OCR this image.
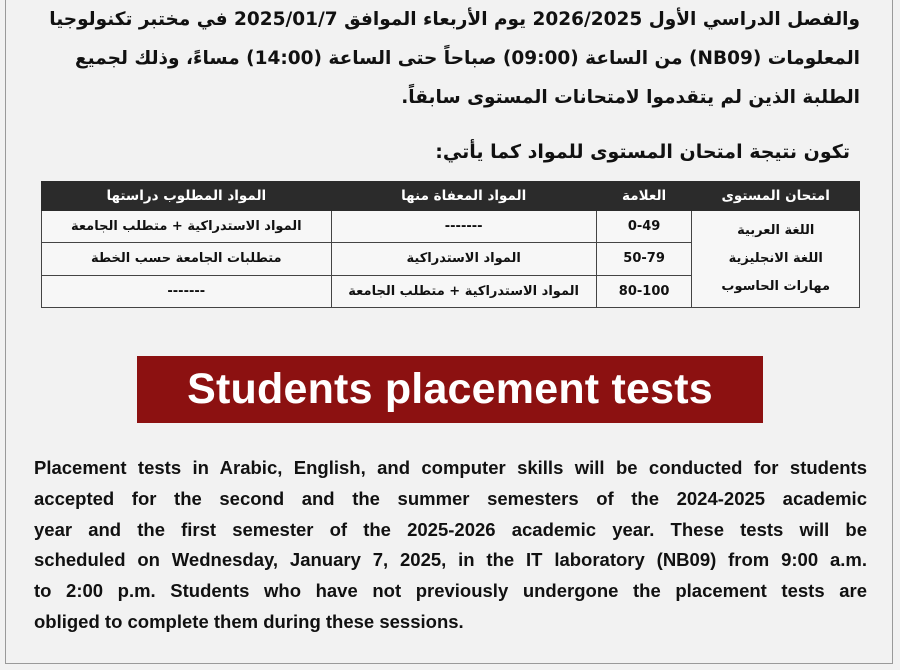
والفصل الدراسي الأول 2026/2025 يوم الأربعاء الموافق 2025/01/7 في مختبر تكنولوجيا
المعلومات (NB09) من الساعة (09:00) صباحاً حتى الساعة (14:00) مساءً، وذلك لجميع
الطلبة الذين لم يتقدموا لامتحانات المستوى سابقاً.
تكون نتيجة امتحان المستوى للمواد كما يأتي:
امتحان المستوى	العلامة	المواد المعفاة منها	المواد المطلوب دراستها

اللغة العربية
اللغة الانجليزية
مهارات الحاسوب	0-49	-------	المواد الاستدراكية + متطلب الجامعة
	50-79	المواد الاستدراكية	متطلبات الجامعة حسب الخطة
	80-100	المواد الاستدراكية + متطلب الجامعة	-------
Students placement tests
Placement tests in Arabic, English, and computer skills will be conducted for students
accepted for the second and the summer semesters of the 2024-2025 academic
year and the first semester of the 2025-2026 academic year. These tests will be
scheduled on Wednesday, January 7, 2025, in the IT laboratory (NB09) from 9:00 a.m.
to 2:00 p.m. Students who have not previously undergone the placement tests are
obliged to complete them during these sessions.
